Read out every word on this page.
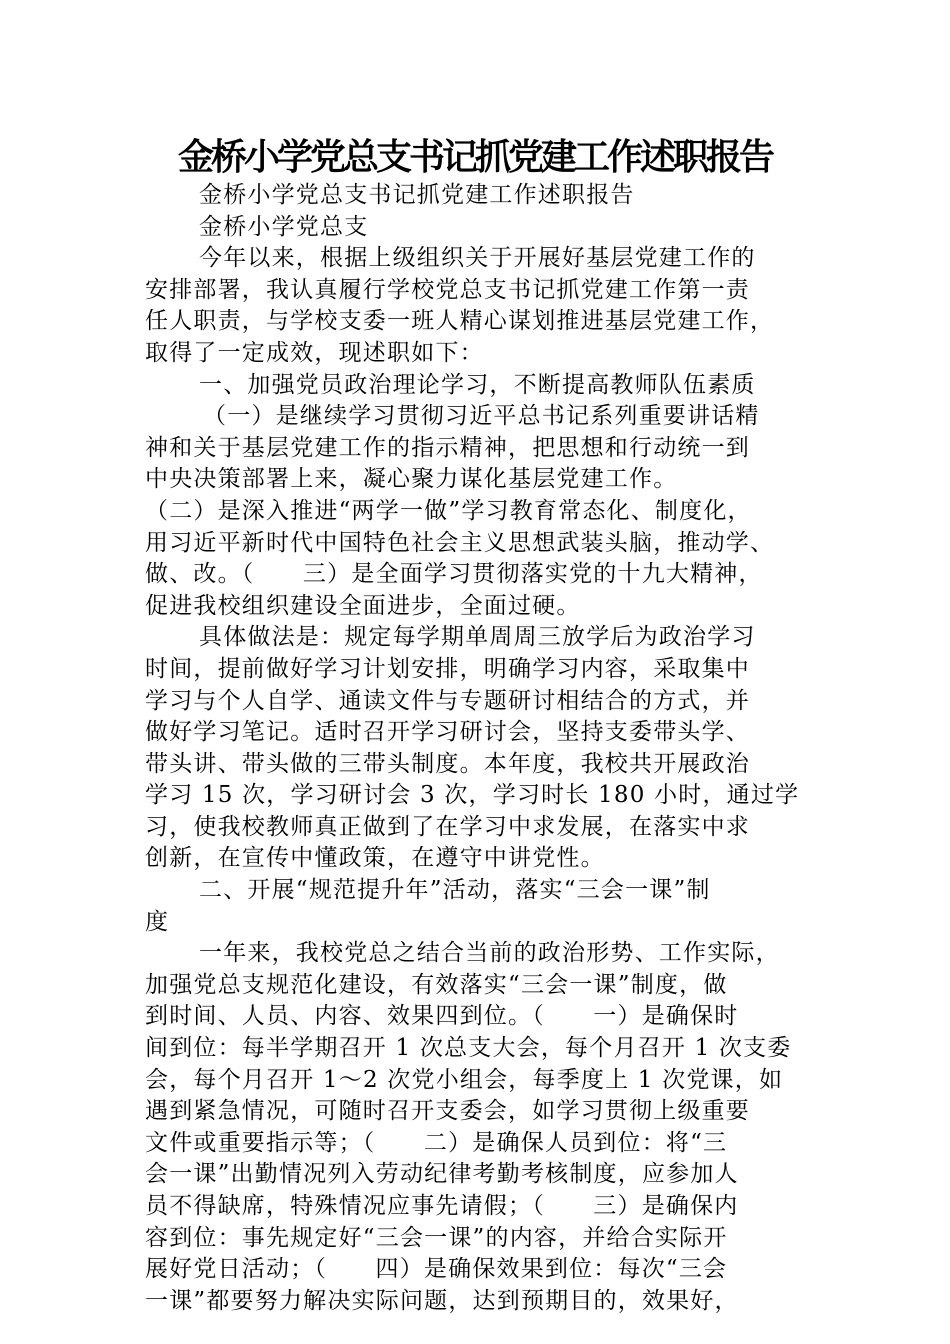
金桥小学党总支书记抓党建工作述职报告
金桥小学党总支书记抓党建工作述职报告
金桥小学党总支
今年以来，根据上级组织关于开展好基层党建工作的
安排部署，我认真履行学校党总支书记抓党建工作第一责
任人职责，与学校支委一班人精心谋划推进基层党建工作，
取得了一定成效，现述职如下：
一、加强党员政治理论学习，不断提高教师队伍素质
（一）是继续学习贯彻习近平总书记系列重要讲话精
神和关于基层党建工作的指示精神，把思想和行动统一到
中央决策部署上来，凝心聚力谋化基层党建工作。
（二）是深入推进“两学一做”学习教育常态化、制度化，
用习近平新时代中国特色社会主义思想武装头脑，推动学、
做、改。（　　三）是全面学习贯彻落实党的十九大精神，
促进我校组织建设全面进步，全面过硬。
具体做法是：规定每学期单周周三放学后为政治学习
时间，提前做好学习计划安排，明确学习内容，采取集中
学习与个人自学、通读文件与专题研讨相结合的方式，并
做好学习笔记。适时召开学习研讨会，坚持支委带头学、
带头讲、带头做的三带头制度。本年度，我校共开展政治
学习 15 次，学习研讨会 3 次，学习时长 180 小时，通过学
习，使我校教师真正做到了在学习中求发展，在落实中求
创新，在宣传中懂政策，在遵守中讲党性。
二、开展“规范提升年”活动，落实“三会一课”制
度
一年来，我校党总之结合当前的政治形势、工作实际，
加强党总支规范化建设，有效落实“三会一课”制度，做
到时间、人员、内容、效果四到位。（　　一）是确保时
间到位：每半学期召开 1 次总支大会，每个月召开 1 次支委
会，每个月召开 1～2 次党小组会，每季度上 1 次党课，如
遇到紧急情况，可随时召开支委会，如学习贯彻上级重要
文件或重要指示等；（　　二）是确保人员到位：将“三
会一课”出勤情况列入劳动纪律考勤考核制度，应参加人
员不得缺席，特殊情况应事先请假；（　　三）是确保内
容到位：事先规定好“三会一课”的内容，并给合实际开
展好党日活动；（　　四）是确保效果到位：每次“三会
一课”都要努力解决实际问题，达到预期目的，效果好，
